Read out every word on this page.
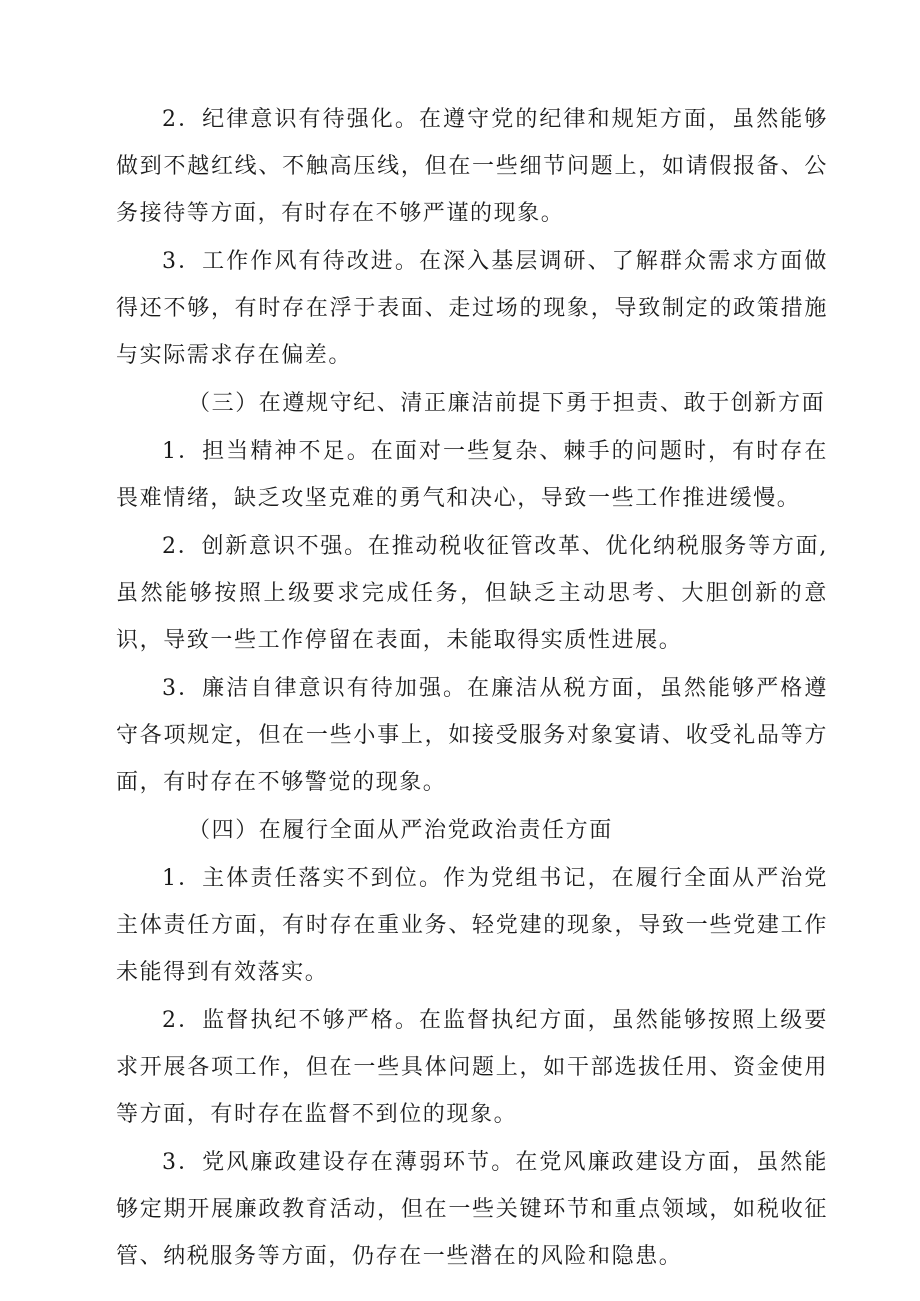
2．纪律意识有待强化。在遵守党的纪律和规矩方面，虽然能够做到不越红线、不触高压线，但在一些细节问题上，如请假报备、公务接待等方面，有时存在不够严谨的现象。

3．工作作风有待改进。在深入基层调研、了解群众需求方面做得还不够，有时存在浮于表面、走过场的现象，导致制定的政策措施与实际需求存在偏差。

（三）在遵规守纪、清正廉洁前提下勇于担责、敢于创新方面

1．担当精神不足。在面对一些复杂、棘手的问题时，有时存在畏难情绪，缺乏攻坚克难的勇气和决心，导致一些工作推进缓慢。

2．创新意识不强。在推动税收征管改革、优化纳税服务等方面,虽然能够按照上级要求完成任务，但缺乏主动思考、大胆创新的意识，导致一些工作停留在表面，未能取得实质性进展。

3．廉洁自律意识有待加强。在廉洁从税方面，虽然能够严格遵守各项规定，但在一些小事上，如接受服务对象宴请、收受礼品等方面，有时存在不够警觉的现象。

（四）在履行全面从严治党政治责任方面

1．主体责任落实不到位。作为党组书记，在履行全面从严治党主体责任方面，有时存在重业务、轻党建的现象，导致一些党建工作未能得到有效落实。

2．监督执纪不够严格。在监督执纪方面，虽然能够按照上级要求开展各项工作，但在一些具体问题上，如干部选拔任用、资金使用等方面，有时存在监督不到位的现象。

3．党风廉政建设存在薄弱环节。在党风廉政建设方面，虽然能够定期开展廉政教育活动，但在一些关键环节和重点领域，如税收征管、纳税服务等方面，仍存在一些潜在的风险和隐患。
